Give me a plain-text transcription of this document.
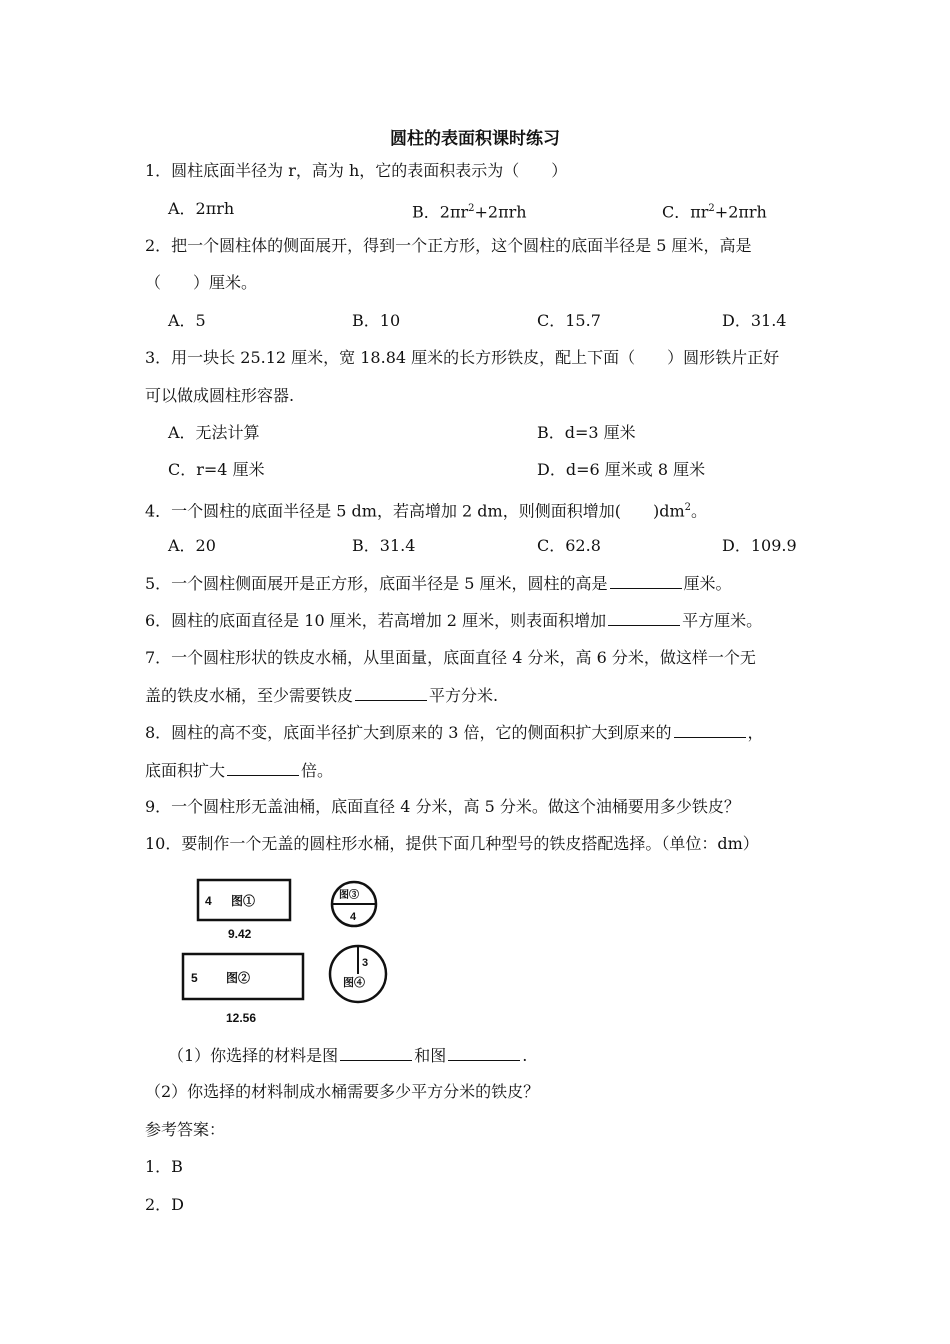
圆柱的表面积课时练习
1．圆柱底面半径为 r，高为 h，它的表面积表示为（　　）
A．2πrh	B．$2\pi r^2+2\pi rh$	C．$\pi r^2+2\pi rh$
2．把一个圆柱体的侧面展开，得到一个正方形，这个圆柱的底面半径是 5 厘米，高是
（　　）厘米。
A．5	B．10	C．15.7	D．31.4
3．用一块长 25.12 厘米，宽 18.84 厘米的长方形铁皮，配上下面（　　）圆形铁片正好
可以做成圆柱形容器.
A．无法计算	B．d=3 厘米
C．r=4 厘米	D．d=6 厘米或 8 厘米
4．一个圆柱的底面半径是 5 dm，若高增加 2 dm，则侧面积增加(　　)$dm^2$。
A．20	B．31.4	C．62.8	D．109.9
5．一个圆柱侧面展开是正方形，底面半径是 5 厘米，圆柱的高是	厘米。
6．圆柱的底面直径是 10 厘米，若高增加 2 厘米，则表面积增加	平方厘米。
7．一个圆柱形状的铁皮水桶，从里面量，底面直径 4 分米，高 6 分米，做这样一个无
盖的铁皮水桶，至少需要铁皮	平方分米.
8．圆柱的高不变，底面半径扩大到原来的 3 倍，它的侧面积扩大到原来的	，
底面积扩大	倍。
9．一个圆柱形无盖油桶，底面直径 4 分米，高 5 分米。做这个油桶要用多少铁皮？
10．要制作一个无盖的圆柱形水桶，提供下面几种型号的铁皮搭配选择。（单位：dm）
4 图①
9.42
5 图②
12.56
图③
4
3
图④
（1）你选择的材料是图	和图	.
（2）你选择的材料制成水桶需要多少平方分米的铁皮？
参考答案：
1．B
2．D
